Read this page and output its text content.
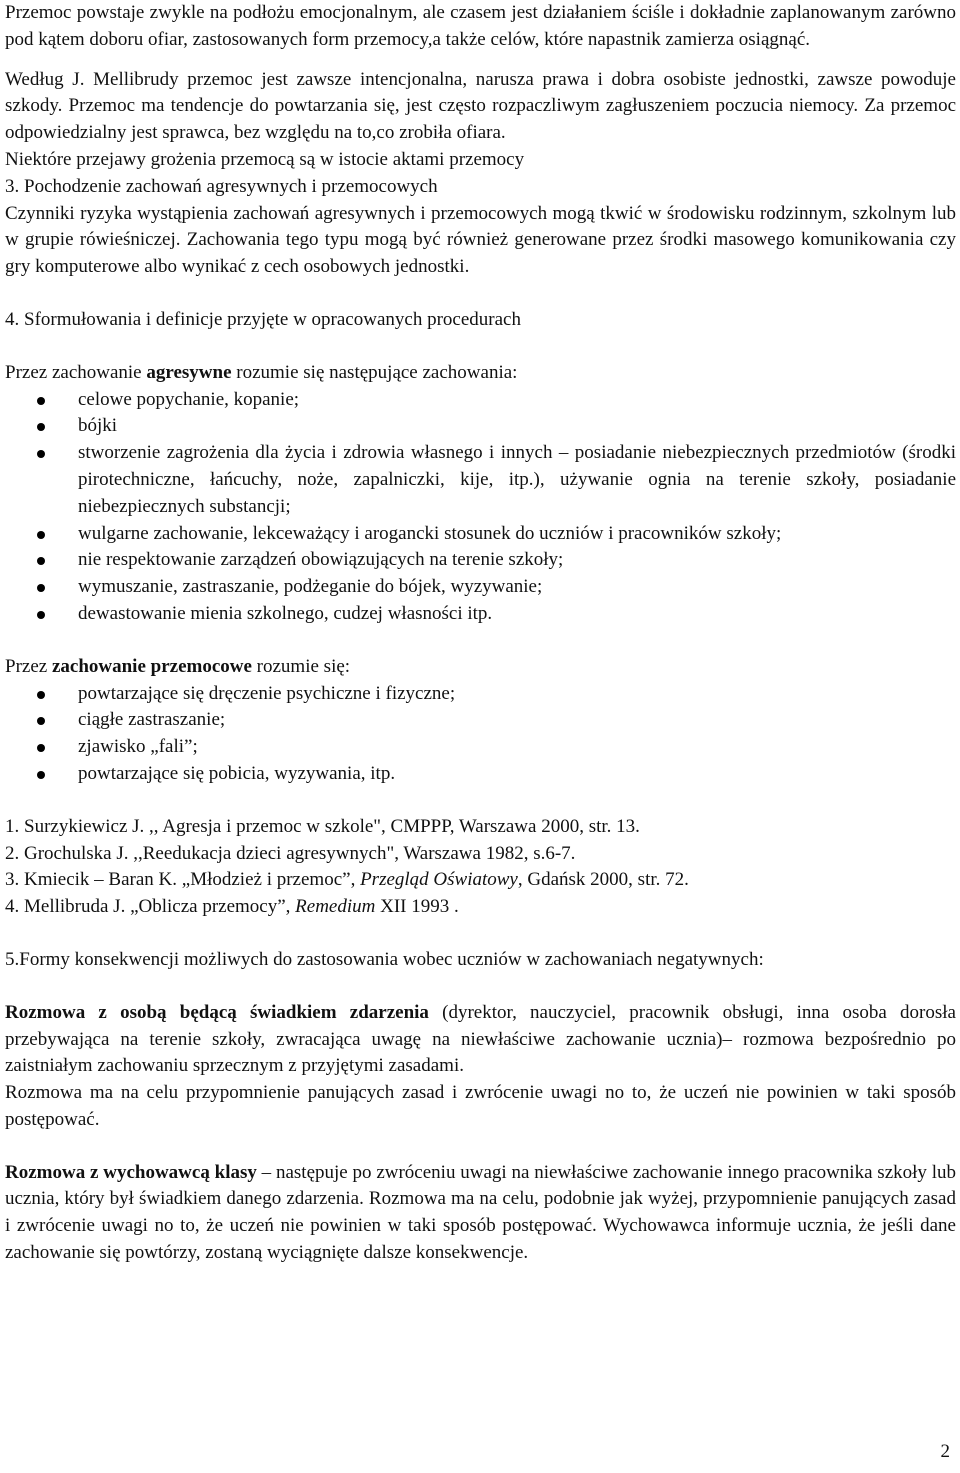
Przemoc powstaje zwykle na podłożu emocjonalnym, ale czasem jest działaniem ściśle i dokładnie zaplanowanym zarówno pod kątem doboru ofiar, zastosowanych form przemocy,a także celów, które napastnik zamierza osiągnąć.

Według J. Mellibrudy przemoc jest zawsze intencjonalna, narusza prawa i dobra osobiste jednostki, zawsze powoduje szkody. Przemoc ma tendencje do powtarzania się, jest często rozpaczliwym zagłuszeniem poczucia niemocy. Za przemoc odpowiedzialny jest sprawca, bez względu na to,co zrobiła ofiara.

Niektóre przejawy grożenia przemocą są w istocie aktami przemocy

3. Pochodzenie zachowań agresywnych i przemocowych

Czynniki ryzyka wystąpienia zachowań agresywnych i przemocowych mogą tkwić w środowisku rodzinnym, szkolnym lub w grupie rówieśniczej. Zachowania tego typu mogą być również generowane przez środki masowego komunikowania czy gry komputerowe albo wynikać z cech osobowych jednostki.

4. Sformułowania i definicje przyjęte w opracowanych procedurach

Przez zachowanie agresywne rozumie się następujące zachowania:

celowe popychanie, kopanie;
bójki
stworzenie zagrożenia dla życia i zdrowia własnego i innych – posiadanie niebezpiecznych przedmiotów (środki pirotechniczne, łańcuchy, noże, zapalniczki, kije, itp.), używanie ognia na terenie szkoły, posiadanie niebezpiecznych substancji;
wulgarne zachowanie, lekceważący i arogancki stosunek do uczniów i pracowników szkoły;
nie respektowanie zarządzeń obowiązujących na terenie szkoły;
wymuszanie, zastraszanie, podżeganie do bójek, wyzywanie;
dewastowanie mienia szkolnego, cudzej własności itp.

Przez zachowanie przemocowe rozumie się:

powtarzające się dręczenie psychiczne i fizyczne;
ciągłe zastraszanie;
zjawisko „fali”;
powtarzające się pobicia, wyzywania, itp.

1. Surzykiewicz J. ,, Agresja i przemoc w szkole", CMPPP, Warszawa 2000, str. 13.

2. Grochulska J. ,,Reedukacja dzieci agresywnych", Warszawa 1982, s.6-7.

3. Kmiecik – Baran K. „Młodzież i przemoc”, Przegląd Oświatowy, Gdańsk 2000, str. 72.

4. Mellibruda J. „Oblicza przemocy”, Remedium XII 1993 .

5.Formy konsekwencji możliwych do zastosowania wobec uczniów w zachowaniach negatywnych:

Rozmowa z osobą będącą świadkiem zdarzenia (dyrektor, nauczyciel, pracownik obsługi, inna osoba dorosła przebywająca na terenie szkoły, zwracająca uwagę na niewłaściwe zachowanie ucznia)– rozmowa bezpośrednio po zaistniałym zachowaniu sprzecznym z przyjętymi zasadami.

Rozmowa ma na celu przypomnienie panujących zasad i zwrócenie uwagi no to, że uczeń nie powinien w taki sposób postępować.

Rozmowa z wychowawcą klasy – następuje po zwróceniu uwagi na niewłaściwe zachowanie innego pracownika szkoły lub ucznia, który był świadkiem danego zdarzenia. Rozmowa ma na celu, podobnie jak wyżej, przypomnienie panujących zasad i zwrócenie uwagi no to, że uczeń nie powinien w taki sposób postępować. Wychowawca informuje ucznia, że jeśli dane zachowanie się powtórzy, zostaną wyciągnięte dalsze konsekwencje.

2
